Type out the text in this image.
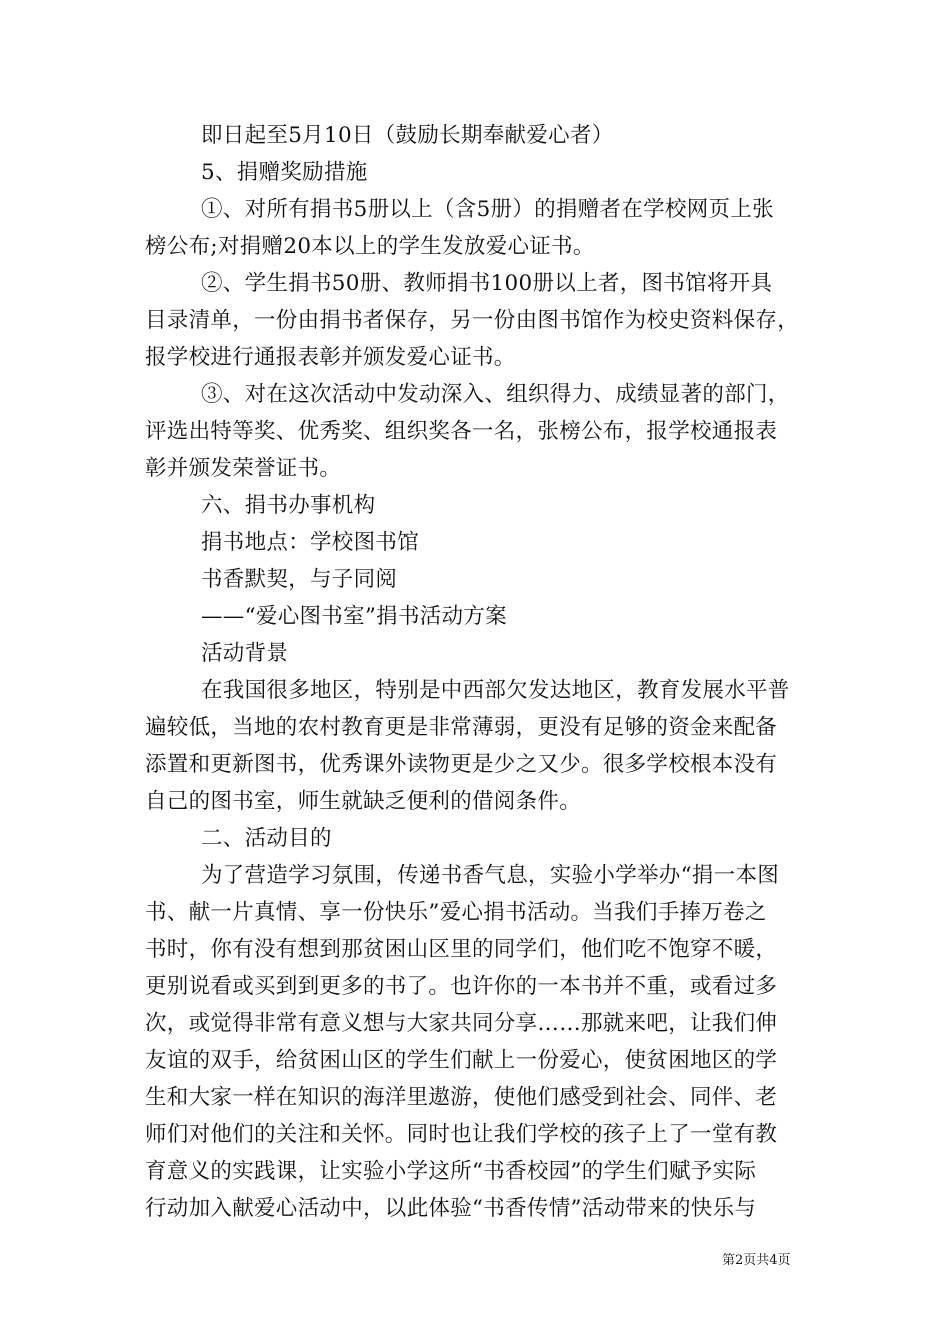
即日起至5月10日（鼓励长期奉献爱心者）
5、捐赠奖励措施
①、对所有捐书5册以上（含5册）的捐赠者在学校网页上张
榜公布;对捐赠20本以上的学生发放爱心证书。
②、学生捐书50册、教师捐书100册以上者，图书馆将开具
目录清单，一份由捐书者保存，另一份由图书馆作为校史资料保存，
报学校进行通报表彰并颁发爱心证书。
③、对在这次活动中发动深入、组织得力、成绩显著的部门，
评选出特等奖、优秀奖、组织奖各一名，张榜公布，报学校通报表
彰并颁发荣誉证书。
六、捐书办事机构
捐书地点：学校图书馆
书香默契，与子同阅
——“爱心图书室”捐书活动方案
活动背景
在我国很多地区，特别是中西部欠发达地区，教育发展水平普
遍较低，当地的农村教育更是非常薄弱，更没有足够的资金来配备
添置和更新图书，优秀课外读物更是少之又少。很多学校根本没有
自己的图书室，师生就缺乏便利的借阅条件。
二、活动目的
为了营造学习氛围，传递书香气息，实验小学举办“捐一本图
书、献一片真情、享一份快乐”爱心捐书活动。当我们手捧万卷之
书时，你有没有想到那贫困山区里的同学们，他们吃不饱穿不暖，
更别说看或买到到更多的书了。也许你的一本书并不重，或看过多
次，或觉得非常有意义想与大家共同分享……那就来吧，让我们伸
友谊的双手，给贫困山区的学生们献上一份爱心，使贫困地区的学
生和大家一样在知识的海洋里遨游，使他们感受到社会、同伴、老
师们对他们的关注和关怀。同时也让我们学校的孩子上了一堂有教
育意义的实践课，让实验小学这所“书香校园”的学生们赋予实际
行动加入献爱心活动中，以此体验“书香传情”活动带来的快乐与
第2页共4页
